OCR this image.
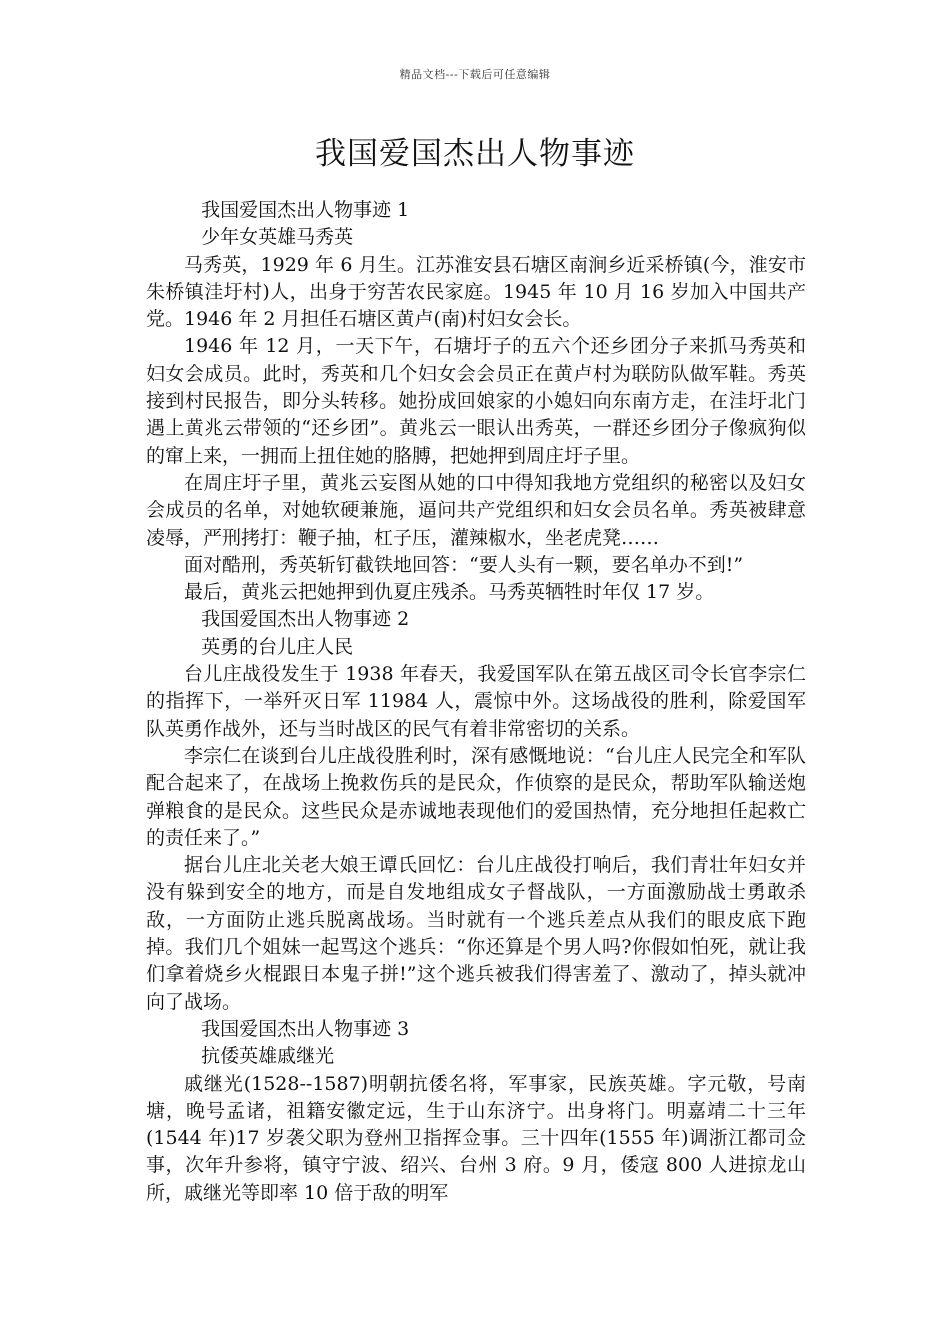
精品文档---下载后可任意编辑
我国爱国杰出人物事迹

我国爱国杰出人物事迹 1

少年女英雄马秀英

马秀英，1929 年 6 月生。江苏淮安县石塘区南涧乡近采桥镇(今，淮安市朱桥镇洼圩村)人，出身于穷苦农民家庭。1945 年 10 月 16 岁加入中国共产党。1946 年 2 月担任石塘区黄卢(南)村妇女会长。

1946 年 12 月，一天下午，石塘圩子的五六个还乡团分子来抓马秀英和妇女会成员。此时，秀英和几个妇女会会员正在黄卢村为联防队做军鞋。秀英接到村民报告，即分头转移。她扮成回娘家的小媳妇向东南方走，在洼圩北门遇上黄兆云带领的“还乡团”。黄兆云一眼认出秀英，一群还乡团分子像疯狗似的窜上来，一拥而上扭住她的胳膊，把她押到周庄圩子里。

在周庄圩子里，黄兆云妄图从她的口中得知我地方党组织的秘密以及妇女会成员的名单，对她软硬兼施，逼问共产党组织和妇女会员名单。秀英被肆意凌辱，严刑拷打：鞭子抽，杠子压，灌辣椒水，坐老虎凳……

面对酷刑，秀英斩钉截铁地回答：“要人头有一颗，要名单办不到!”

最后，黄兆云把她押到仇夏庄残杀。马秀英牺牲时年仅 17 岁。

我国爱国杰出人物事迹 2

英勇的台儿庄人民

台儿庄战役发生于 1938 年春天，我爱国军队在第五战区司令长官李宗仁的指挥下，一举歼灭日军 11984 人，震惊中外。这场战役的胜利，除爱国军队英勇作战外，还与当时战区的民气有着非常密切的关系。

李宗仁在谈到台儿庄战役胜利时，深有感慨地说：“台儿庄人民完全和军队配合起来了，在战场上挽救伤兵的是民众，作侦察的是民众，帮助军队输送炮弹粮食的是民众。这些民众是赤诚地表现他们的爱国热情，充分地担任起救亡的责任来了。”

据台儿庄北关老大娘王谭氏回忆：台儿庄战役打响后，我们青壮年妇女并没有躲到安全的地方，而是自发地组成女子督战队，一方面激励战士勇敢杀敌，一方面防止逃兵脱离战场。当时就有一个逃兵差点从我们的眼皮底下跑掉。我们几个姐妹一起骂这个逃兵：“你还算是个男人吗?你假如怕死，就让我们拿着烧乡火棍跟日本鬼子拼!”这个逃兵被我们得害羞了、激动了，掉头就冲向了战场。

我国爱国杰出人物事迹 3

抗倭英雄戚继光

戚继光(1528--1587)明朝抗倭名将，军事家，民族英雄。字元敬，号南塘，晚号孟诸，祖籍安徽定远，生于山东济宁。出身将门。明嘉靖二十三年(1544 年)17 岁袭父职为登州卫指挥佥事。三十四年(1555 年)调浙江都司佥事，次年升参将，镇守宁波、绍兴、台州 3 府。9 月，倭寇 800 人进掠龙山所，戚继光等即率 10 倍于敌的明军
